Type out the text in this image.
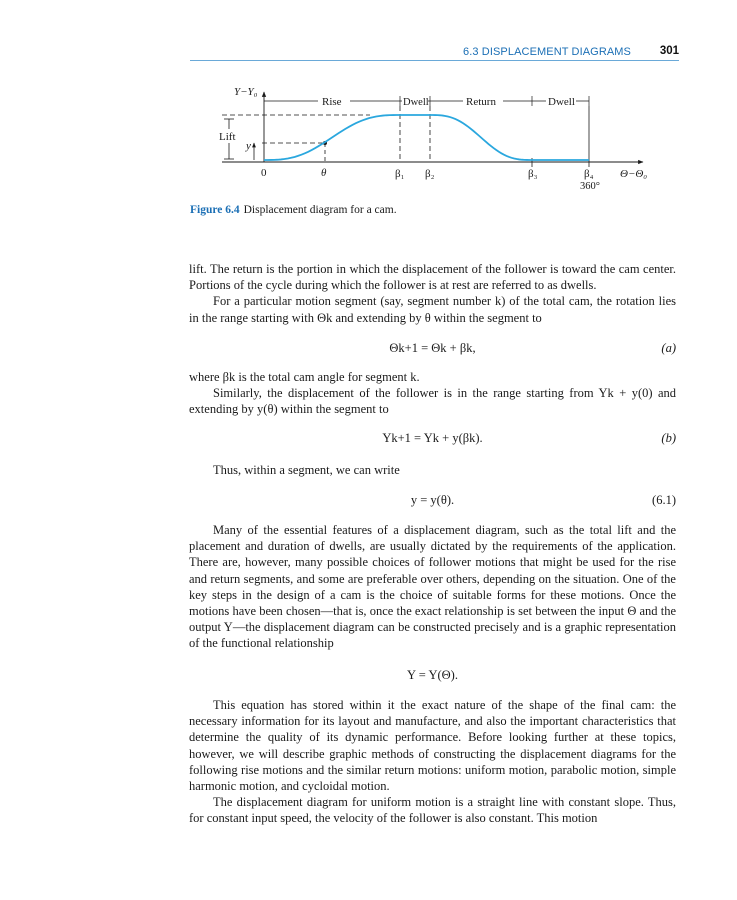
6.3 DISPLACEMENT DIAGRAMS	301
Y−Y₀
Θ−Θ₀
Rise	Dwell	Return	Dwell
Lift
y
0	θ	β₁ β₂	β₃	β₄
360°
Figure 6.4 Displacement diagram for a cam.

lift. The return is the portion in which the displacement of the follower is toward the cam center. Portions of the cycle during which the follower is at rest are referred to as dwells.

For a particular motion segment (say, segment number k) of the total cam, the rotation lies in the range starting with Θk and extending by θ within the segment to

Θk+1 = Θk + βk,	(a)

where βk is the total cam angle for segment k.

Similarly, the displacement of the follower is in the range starting from Yk + y(0) and extending by y(θ) within the segment to

Yk+1 = Yk + y(βk).	(b)

Thus, within a segment, we can write

y = y(θ).	(6.1)

Many of the essential features of a displacement diagram, such as the total lift and the placement and duration of dwells, are usually dictated by the requirements of the application. There are, however, many possible choices of follower motions that might be used for the rise and return segments, and some are preferable over others, depending on the situation. One of the key steps in the design of a cam is the choice of suitable forms for these motions. Once the motions have been chosen—that is, once the exact relationship is set between the input Θ and the output Y—the displacement diagram can be constructed precisely and is a graphic representation of the functional relationship

Y = Y(Θ).

This equation has stored within it the exact nature of the shape of the final cam: the necessary information for its layout and manufacture, and also the important characteristics that determine the quality of its dynamic performance. Before looking further at these topics, however, we will describe graphic methods of constructing the displacement diagrams for the following rise motions and the similar return motions: uniform motion, parabolic motion, simple harmonic motion, and cycloidal motion.

The displacement diagram for uniform motion is a straight line with constant slope. Thus, for constant input speed, the velocity of the follower is also constant. This motion
